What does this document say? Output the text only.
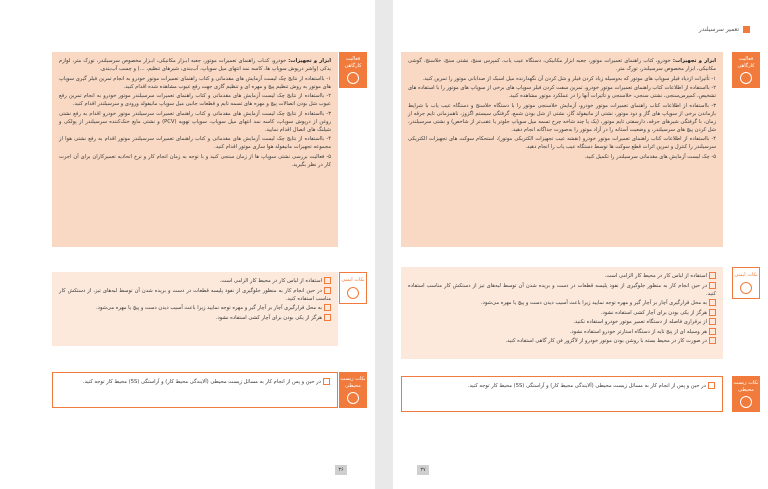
فعالیت کارگاهی

ابزار و تجهیزات: خودرو، کتـاب راهنمای تعمیرات موتور، جعبه ابـزار مکانیکی، ابـزار مخصوص سرسیلندر، تورک متر، لوازم یدکی (واشر درپوش سوپاپ ها، کاسه نمد انتهای میل سوپاپ، آب‌بندی، شیرهای تنظیم، ...) و چسب آب‌بندی.

۱- بااستفاده از نتایج چک لیست آزمایش های مقدماتی و کتاب راهنمای تعمیرات موتور خودرو به انجام تمرین فیلر گیری سوپاپ های موتور به روش تنظیم پیچ و مهره ای و تنظیم گازی جهت رفع عیوب مشاهده شده اقدام کنید.

۲- بااستفاده از نتایج چک لیست آزمایش های مقدماتی و کتاب راهنمای تعمیرات سرسیلندر موتور خودرو به انجام تمرین رفع عیوب شل بودن اتصالات پیچ و مهره های تسمه تایم و قطعات جانبی میل سوپاپ مانیفولد ورودی و سرسیلندر اقدام کنید.

۳- بااستفاده از نتایج چک لیست آزمایش های مقدماتی و کتاب راهنمای تعمیرات سرسیلندر موتور خودرو اقدام به رفع نشتی روغن از درپوش سوپاپ، کاسه نمد انتهای میل سوپاپ، سوپاپ تهویه (PCV) و نشتی مایع خنک‌کننده سرسیلندر از پولکی و شیلنگ های اتصال اقدام نمایید.

۴- بااستفاده از نتایج چک لیست آزمایش های مقدماتی و کتاب راهنمای تعمیرات سرسیلندر موتور اقدام به رفع نشتی هوا از مجموعه تجهیزات مانیفولد هوا سازی موتور اقدام کنید.

۵- فعالیت بررسی نشتی سوپاپ ها از زمان سنجی کنید و با توجه به زمان انجام کار و نرخ اتحادیه تعمیرکاران برای آن اجرت کار در نظر بگیرید.

نکات ایمنی

استفاده از لباس کار در محیط کار الزامی است.

در حین انجام کار به منظور جلوگیری از نفوذ پلیسه قطعات در دست و بریده شدن آن توسط لبه‌های تیز، از دستکش کار مناسب استفاده کنید.

به محل قرارگیری آچار بر آچار گیر و مهره توجه نمایید زیرا باعث آسیب دیدن دست و پیچ یا مهره می‌شود.

هرگز از یکی بودن برای آچار کشی استفاده نشود.

نکات زیست محیطی

در حین و پس از انجام کار به مسائل زیست محیطی (آلایندگی محیط کار) و آراستگی (5S) محیط کار توجه کنید.

۳۶
تعمیر سرسیلندر
فعالیت کارگاهی

ابزار و تجهیزات: خودرو، کتاب راهنمای تعمیرات موتور، جعبه ابزار مکانیکی، دستگاه عیب یاب، کمپرس سنج، نشتی سنج، خلاسنج، گوشی مکانیکی، ابزار مخصوص سرسیلندر، تورک متر.

۱- تأثیرات ازدیاد فیلر سوپاپ های موتور که به‌وسیله زیاد کردن فیلر و شل کردن آن نگهدارنده میل اسبک از صدابانی موتور را تمرین کنید.

۲- بااستفاده از اطلاعات کتاب راهنمای تعمیرات موتور خودرو، تمرین سفت کردن فیلر سوپاپ های برخی از سوپاپ های موتور را با استفاده های تشخیص، کمپرس‌سنجی، نشتی سنجی، خلاسنجی و تأثیرات آنها را در عملکرد موتور مشاهده کنید.

۳- بااستفاده از اطلاعات کتاب راهنمای تعمیرات موتور خودرو، آزمایش خلاسنجی موتور را با دستگاه خلاسنج و دستگاه عیب یاب با شرایط بازماندن برخی از سوپاپ های گاز و دود موتور، نشتی از مانیفولد گاز، نشتی از شل بودن شمع، گرفتگی سیستم اگزوز، ناهمزمانی تایم جرقه از زمان، با گرفتگی شیرهای جرقه، دارسفتی تایم موتور، (یک یا چند شاخه چرخ تسمه میل سوپاپ جلوتر یا عقب‌تر از شاخص) و نشتی سرسیلندر، شل کردن پیچ های سرسیلندر، و وضعیت آستانه را در آزاد موتور را به‌صورت جداگانه انجام دهید.

۴- بااستفاده از اطلاعات کتاب راهنمای تعمیرات موتور خودرو (نقشه عیب تجهیزات الکتریکی موتور)، استحکام سوکت های تجهیزات الکتریکی سرسیلندر را کنترل و تمرین اثرات قطع سوکت ها توسط دستگاه عیب یاب را انجام دهید.

۵- چک لیست آزمایش های مقدماتی سرسیلندر را تکمیل کنید.

نکات ایمنی

استفاده از لباس کار در محیط کار الزامی است.

در حین انجام کار به منظور جلوگیری از نفوذ پلیسه قطعات در دست و بریده شدن آن توسط لبه‌های تیز از دستکش کار مناسب استفاده کنید.

به محل قرارگیری آچار بر آچار گیر و مهره توجه نمایید زیرا باعث آسیب دیدن دست و پیچ یا مهره می‌شود.

هرگز از یکی بودن برای آچار کشی استفاده نشود.

از برقراری فاصله از دستگاه تعمیر موتور خودرو استفاده نکنید.

هر وسیله ای از پنج تایه از دستگاه استارتر خودرو استفاده نشود.

در صورت کار در محیط بسته با روشن بودن موتور خودرو از لاگزور فن کار گاهی استفاده کنید.

نکات زیست محیطی

در حین و پس از انجام کار به مسائل زیست محیطی (آلایندگی محیط کار) و آراستگی (5S) محیط کار توجه کنید.

۳۷
